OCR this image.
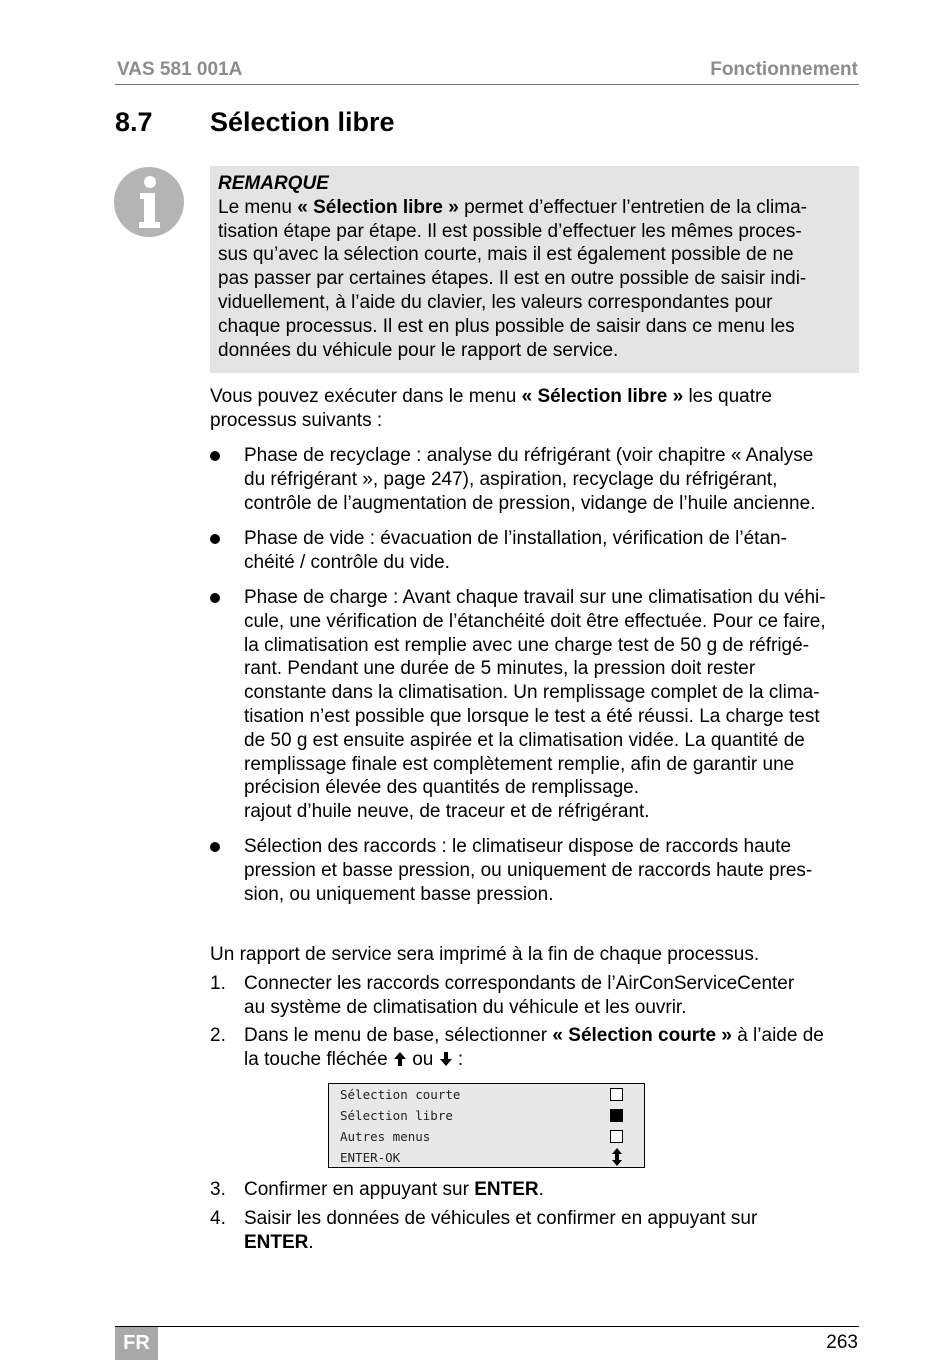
VAS 581 001A	Fonctionnement
8.7 Sélection libre
REMARQUE
Le menu « Sélection libre » permet d’effectuer l’entretien de la clima-
tisation étape par étape. Il est possible d’effectuer les mêmes proces-
sus qu’avec la sélection courte, mais il est également possible de ne
pas passer par certaines étapes. Il est en outre possible de saisir indi-
viduellement, à l’aide du clavier, les valeurs correspondantes pour
chaque processus. Il est en plus possible de saisir dans ce menu les
données du véhicule pour le rapport de service.
Vous pouvez exécuter dans le menu « Sélection libre » les quatre
processus suivants :
Phase de recyclage : analyse du réfrigérant (voir chapitre « Analyse
du réfrigérant », page 247), aspiration, recyclage du réfrigérant,
contrôle de l’augmentation de pression, vidange de l’huile ancienne.
Phase de vide : évacuation de l’installation, vérification de l’étan-
chéité / contrôle du vide.
Phase de charge : Avant chaque travail sur une climatisation du véhi-
cule, une vérification de l’étanchéité doit être effectuée. Pour ce faire,
la climatisation est remplie avec une charge test de 50 g de réfrigé-
rant. Pendant une durée de 5 minutes, la pression doit rester
constante dans la climatisation. Un remplissage complet de la clima-
tisation n’est possible que lorsque le test a été réussi. La charge test
de 50 g est ensuite aspirée et la climatisation vidée. La quantité de
remplissage finale est complètement remplie, afin de garantir une
précision élevée des quantités de remplissage.
rajout d’huile neuve, de traceur et de réfrigérant.
Sélection des raccords : le climatiseur dispose de raccords haute
pression et basse pression, ou uniquement de raccords haute pres-
sion, ou uniquement basse pression.
Un rapport de service sera imprimé à la fin de chaque processus.
1. Connecter les raccords correspondants de l’AirConServiceCenter
au système de climatisation du véhicule et les ouvrir.
2. Dans le menu de base, sélectionner « Sélection courte » à l’aide de
la touche fléchée  ou  :
Sélection courte
Sélection libre
Autres menus
ENTER-OK
3. Confirmer en appuyant sur ENTER.
4. Saisir les données de véhicules et confirmer en appuyant sur
ENTER.
FR	263
